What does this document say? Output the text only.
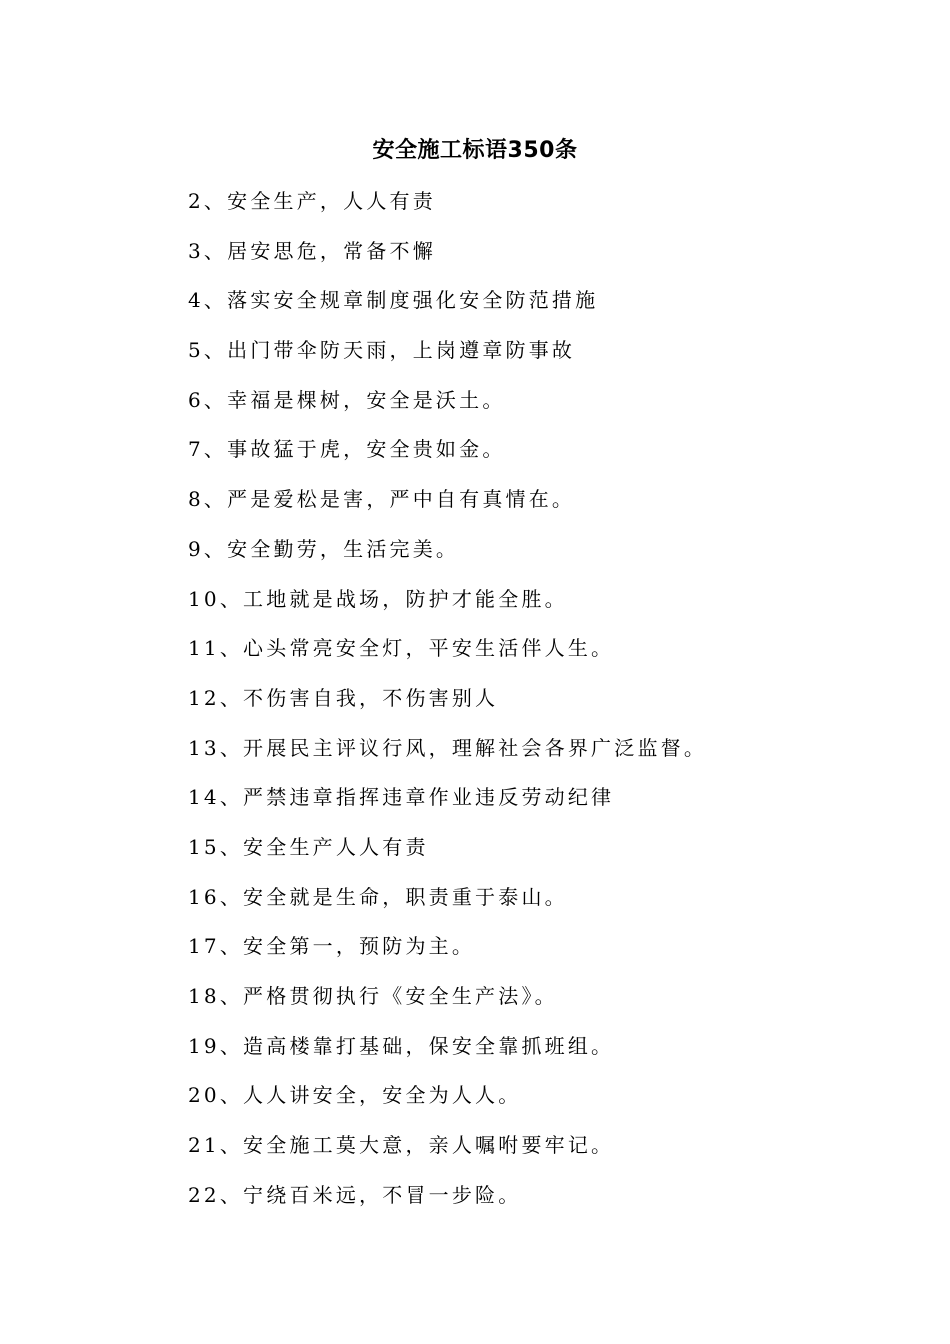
安全施工标语350条
2、安全生产，人人有责
3、居安思危，常备不懈
4、落实安全规章制度强化安全防范措施
5、出门带伞防天雨，上岗遵章防事故
6、幸福是棵树，安全是沃土。
7、事故猛于虎，安全贵如金。
8、严是爱松是害，严中自有真情在。
9、安全勤劳，生活完美。
10、工地就是战场，防护才能全胜。
11、心头常亮安全灯，平安生活伴人生。
12、不伤害自我，不伤害别人
13、开展民主评议行风，理解社会各界广泛监督。
14、严禁违章指挥违章作业违反劳动纪律
15、安全生产人人有责
16、安全就是生命，职责重于泰山。
17、安全第一，预防为主。
18、严格贯彻执行《安全生产法》。
19、造高楼靠打基础，保安全靠抓班组。
20、人人讲安全，安全为人人。
21、安全施工莫大意，亲人嘱咐要牢记。
22、宁绕百米远，不冒一步险。
